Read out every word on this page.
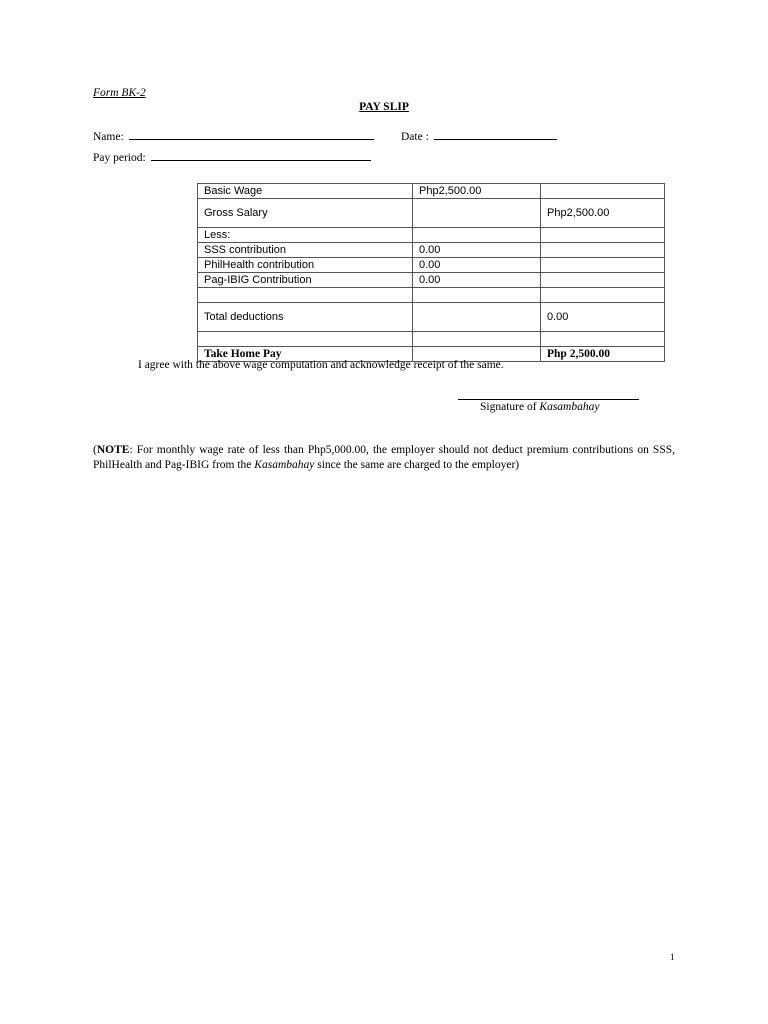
Form BK-2
PAY SLIP
Name:	Date :
Pay period:
Basic Wage	Php2,500.00	
Gross Salary		Php2,500.00
Less:		
SSS contribution	0.00	
PhilHealth contribution	0.00	
Pag-IBIG Contribution	0.00	

Total deductions		0.00

Take Home Pay		Php 2,500.00
I agree with the above wage computation and acknowledge receipt of the same.
Signature of Kasambahay
(NOTE: For monthly wage rate of less than Php5,000.00, the employer should not deduct premium contributions on SSS, PhilHealth and Pag-IBIG from the Kasambahay since the same are charged to the employer)
1
